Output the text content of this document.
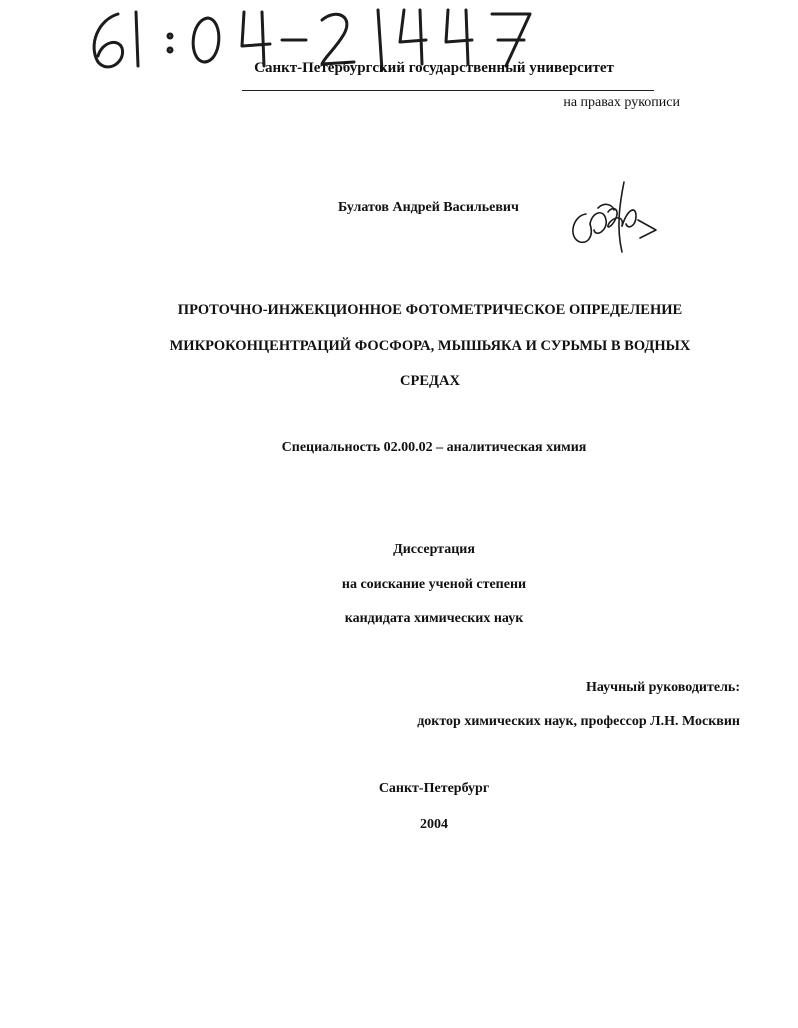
Санкт-Петербургский государственный университет
на правах рукописи
Булатов Андрей Васильевич
ПРОТОЧНО-ИНЖЕКЦИОННОЕ ФОТОМЕТРИЧЕСКОЕ ОПРЕДЕЛЕНИЕ
МИКРОКОНЦЕНТРАЦИЙ ФОСФОРА, МЫШЬЯКА И СУРЬМЫ В ВОДНЫХ
СРЕДАХ
Специальность 02.00.02 – аналитическая химия
Диссертация
на соискание ученой степени
кандидата химических наук
Научный руководитель:
доктор химических наук, профессор Л.Н. Москвин
Санкт-Петербург
2004
